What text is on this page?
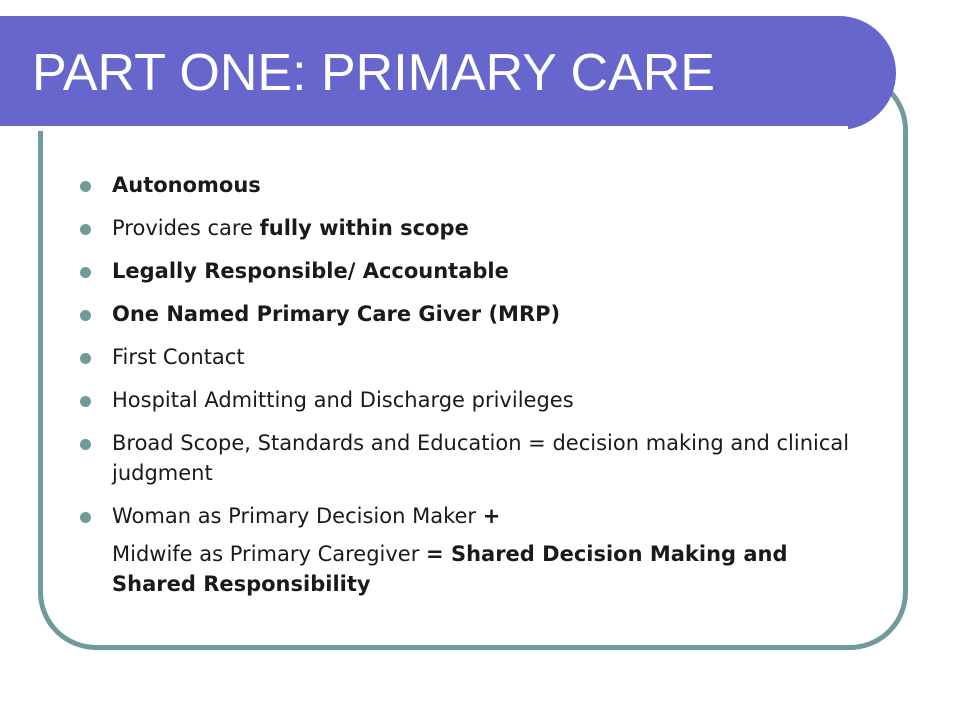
PART ONE: PRIMARY CARE
Autonomous
Provides care fully within scope
Legally Responsible/ Accountable
One Named Primary Care Giver (MRP)
First Contact
Hospital Admitting and Discharge privileges
Broad Scope, Standards and Education = decision making and clinical judgment
Woman as Primary Decision Maker +
Midwife as Primary Caregiver = Shared Decision Making and Shared Responsibility
